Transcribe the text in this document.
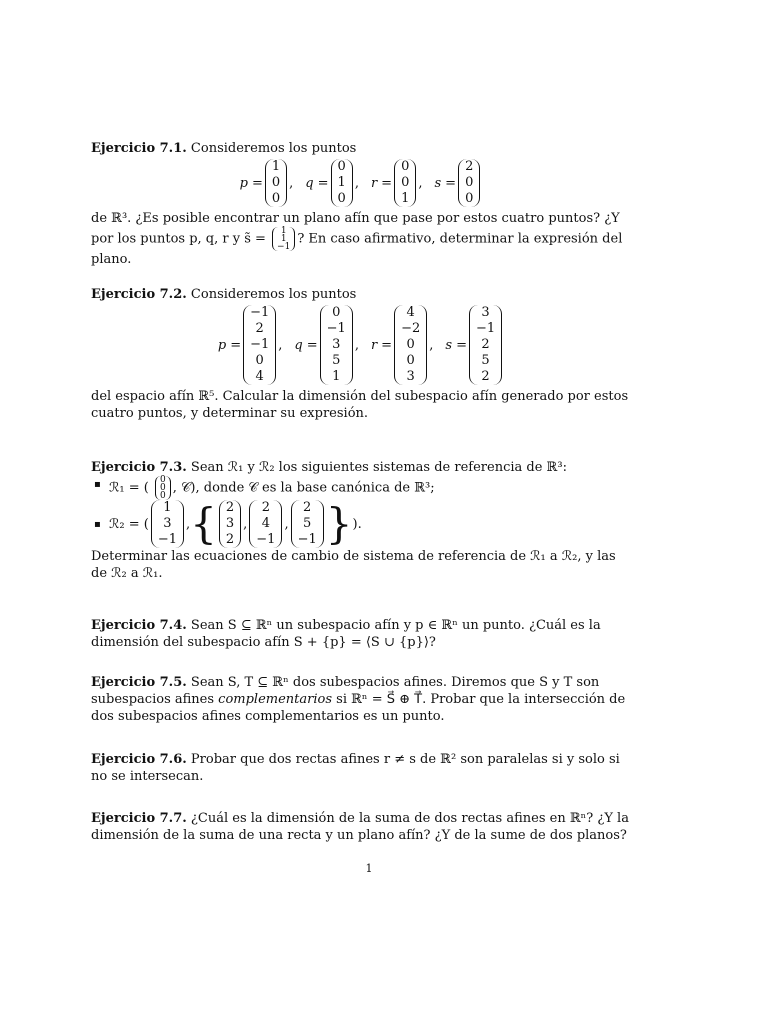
Ejercicio 7.1. Consideremos los puntos

p =
1
0
0
, q =
0
1
0
, r =
0
0
1
, s =
2
0
0

de ℝ³. ¿Es posible encontrar un plano afín que pase por estos cuatro puntos? ¿Y por los puntos p, q, r y s̃ =
1
1
−1
? En caso afirmativo, determinar la expresión del plano.

Ejercicio 7.2. Consideremos los puntos

p =
−1
2
−1
0
4
, q =
0
−1
3
5
1
, r =
4
−2
0
0
3
, s =
3
−1
2
5
2

del espacio afín ℝ⁵. Calcular la dimensión del subespacio afín generado por estos cuatro puntos, y determinar su expresión.

Ejercicio 7.3. Sean ℛ₁ y ℛ₂ los siguientes sistemas de referencia de ℝ³:

▪ ℛ₁ = (
0
0
0
, 𝒞), donde 𝒞 es la base canónica de ℝ³;
▪ ℛ₂ = (
1
3
−1
, { 2
3
2
,
2
4
−1
,
2
5
−1 } ).

Determinar las ecuaciones de cambio de sistema de referencia de ℛ₁ a ℛ₂, y las de ℛ₂ a ℛ₁.

Ejercicio 7.4. Sean S ⊆ ℝⁿ un subespacio afín y p ∈ ℝⁿ un punto. ¿Cuál es la dimensión del subespacio afín S + {p} = ⟨S ∪ {p}⟩?

Ejercicio 7.5. Sean S, T ⊆ ℝⁿ dos subespacios afines. Diremos que S y T son subespacios afines complementarios si ℝⁿ = S⃗ ⊕ T⃗. Probar que la intersección de dos subespacios afines complementarios es un punto.

Ejercicio 7.6. Probar que dos rectas afines r ≠ s de ℝ² son paralelas si y solo si no se intersecan.

Ejercicio 7.7. ¿Cuál es la dimensión de la suma de dos rectas afines en ℝⁿ? ¿Y la dimensión de la suma de una recta y un plano afín? ¿Y de la sume de dos planos?

1
